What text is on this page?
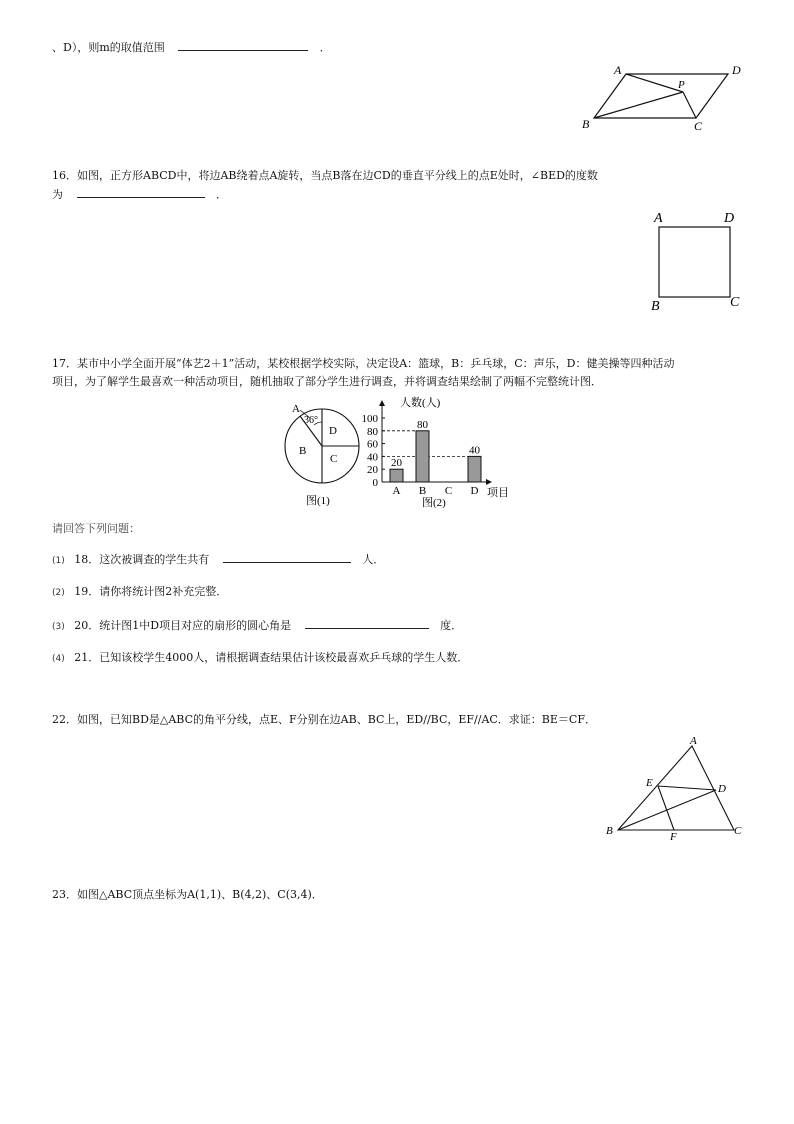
、D），则m的取值范围	．
A	D
P
B	C
16．如图，正方形ABCD中，将边AB绕着点A旋转，当点B落在边CD的垂直平分线上的点E处时，∠BED的度数
为	．
A	D
B	C
17．某市中小学全面开展“体艺2＋1”活动，某校根据学校实际，决定设A：篮球，B：乒乓球，C：声乐，D：健美操等四种活动
项目，为了解学生最喜欢一种活动项目，随机抽取了部分学生进行调查，并将调查结果绘制了两幅不完整统计图．
36°
A
D
B
C
图(1)
0
20
40
60
80
100
20
80
40
A B C D
人数(人)
项目
图(2)
请回答下列问题：
(1) 18．这次被调查的学生共有	人．
(2) 19．请你将统计图2补充完整．
(3) 20．统计图1中D项目对应的扇形的圆心角是	度．
(4) 21．已知该校学生4000人，请根据调查结果估计该校最喜欢乒乓球的学生人数．
22．如图，已知BD是△ABC的角平分线，点E、F分别在边AB、BC上，ED//BC，EF//AC．求证：BE＝CF．
A
E	D
B	F	C
23．如图△ABC顶点坐标为A(1,1)、B(4,2)、C(3,4)．
